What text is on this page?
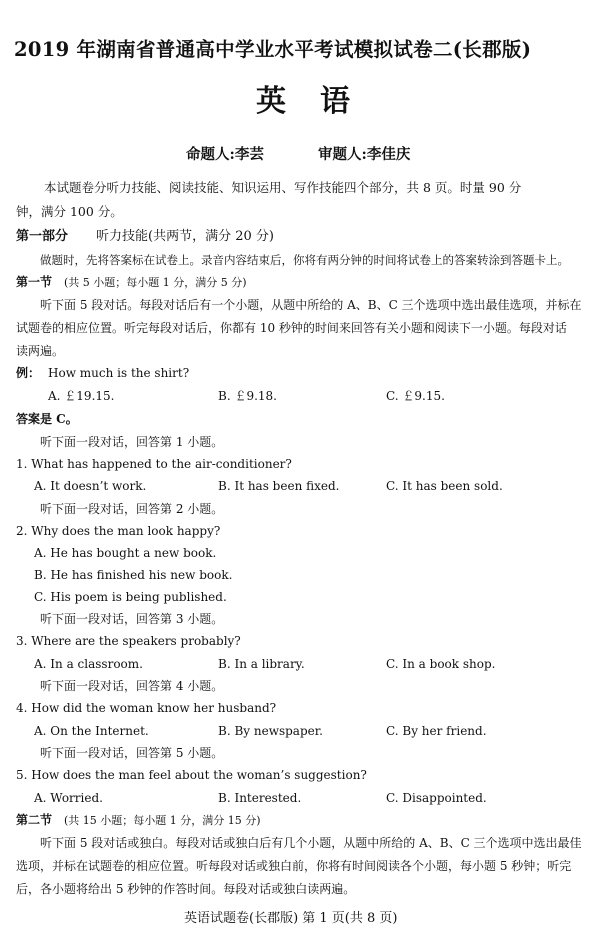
2019 年湖南省普通高中学业水平考试模拟试卷二(长郡版)
英　语
命题人:李芸	审题人:李佳庆
本试题卷分听力技能、阅读技能、知识运用、写作技能四个部分，共 8 页。时量 90 分
钟，满分 100 分。
第一部分 听力技能(共两节，满分 20 分)
做题时，先将答案标在试卷上。录音内容结束后，你将有两分钟的时间将试卷上的答案转涂到答题卡上。
第一节 (共 5 小题；每小题 1 分，满分 5 分)
听下面 5 段对话。每段对话后有一个小题，从题中所给的 A、B、C 三个选项中选出最佳选项，并标在
试题卷的相应位置。听完每段对话后，你都有 10 秒钟的时间来回答有关小题和阅读下一小题。每段对话
读两遍。
例： How much is the shirt?
A. ￡19.15.	B. ￡9.18.	C. ￡9.15.
答案是 C。
听下面一段对话，回答第 1 小题。
1. What has happened to the air-conditioner?
A. It doesn’t work.	B. It has been fixed.	C. It has been sold.
听下面一段对话，回答第 2 小题。
2. Why does the man look happy?
A. He has bought a new book.
B. He has finished his new book.
C. His poem is being published.
听下面一段对话，回答第 3 小题。
3. Where are the speakers probably?
A. In a classroom.	B. In a library.	C. In a book shop.
听下面一段对话，回答第 4 小题。
4. How did the woman know her husband?
A. On the Internet.	B. By newspaper.	C. By her friend.
听下面一段对话，回答第 5 小题。
5. How does the man feel about the woman’s suggestion?
A. Worried.	B. Interested.	C. Disappointed.
第二节 (共 15 小题；每小题 1 分，满分 15 分)
听下面 5 段对话或独白。每段对话或独白后有几个小题，从题中所给的 A、B、C 三个选项中选出最佳
选项，并标在试题卷的相应位置。听每段对话或独白前，你将有时间阅读各个小题，每小题 5 秒钟；听完
后，各小题将给出 5 秒钟的作答时间。每段对话或独白读两遍。
英语试题卷(长郡版) 第 1 页(共 8 页)
